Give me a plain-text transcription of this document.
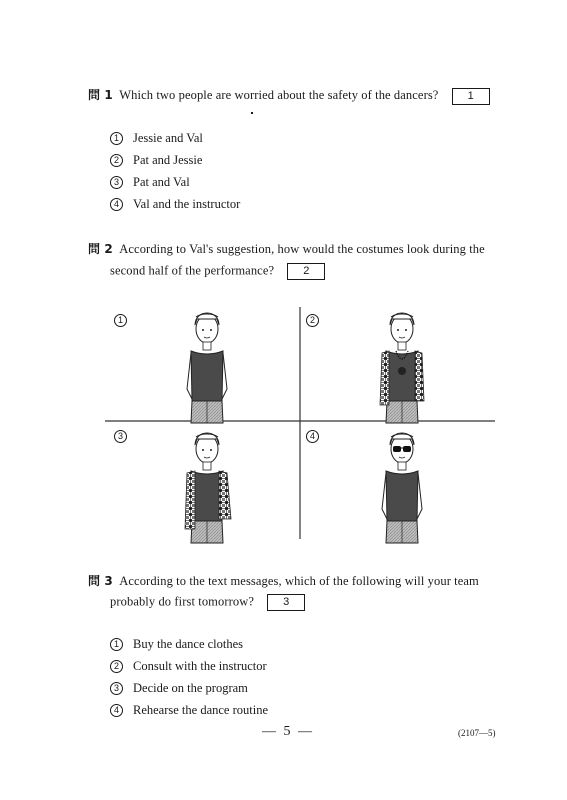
問 1 Which two people are worried about the safety of the dancers?	1
1 Jessie and Val
2 Pat and Jessie
3 Pat and Val
4 Val and the instructor
問 2 According to Val's suggestion, how would the costumes look during the
second half of the performance?	2
1	2
3	4
問 3 According to the text messages, which of the following will your team
probably do first tomorrow?	3
1 Buy the dance clothes
2 Consult with the instructor
3 Decide on the program
4 Rehearse the dance routine
— 5 —	(2107—5)
